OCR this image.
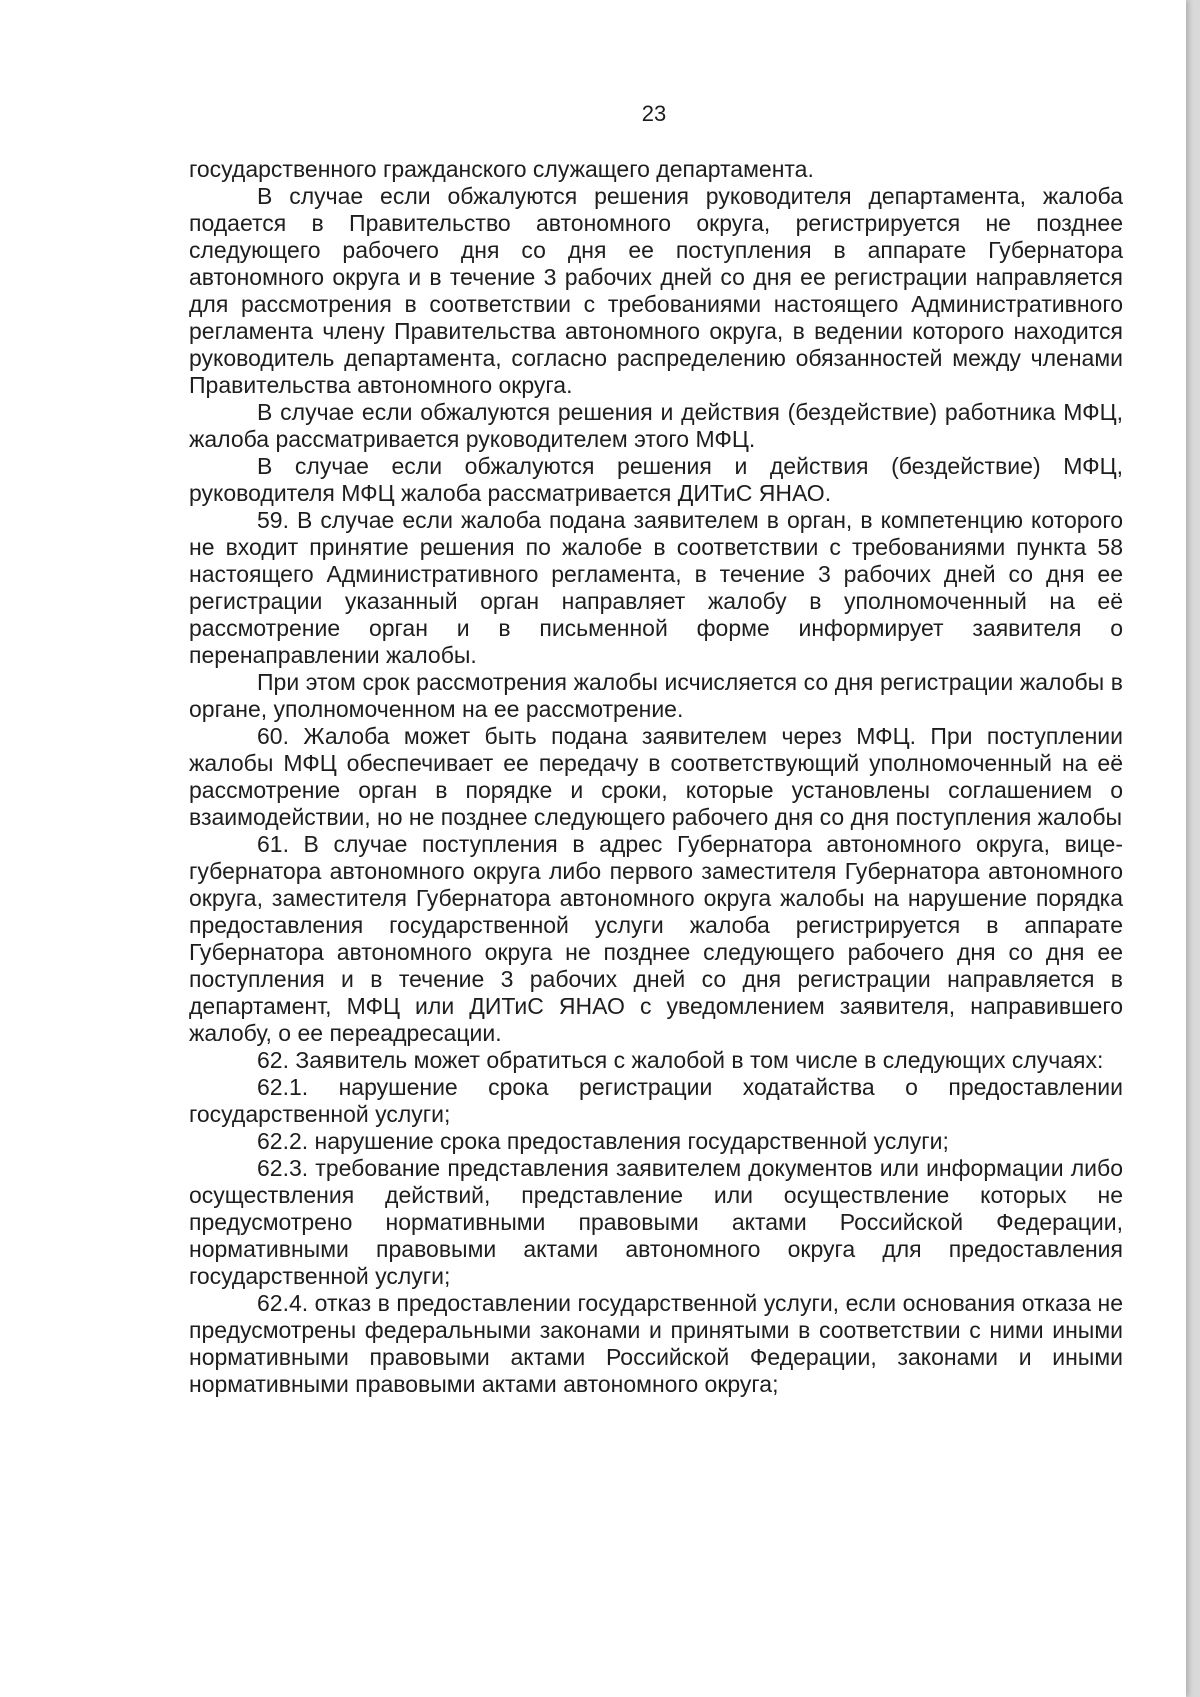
23

государственного гражданского служащего департамента.

В случае если обжалуются решения руководителя департамента, жалоба подается в Правительство автономного округа, регистрируется не позднее следующего рабочего дня со дня ее поступления в аппарате Губернатора автономного округа и в течение 3 рабочих дней со дня ее регистрации направляется для рассмотрения в соответствии с требованиями настоящего Административного регламента члену Правительства автономного округа, в ведении которого находится руководитель департамента, согласно распределению обязанностей между членами Правительства автономного округа.

В случае если обжалуются решения и действия (бездействие) работника МФЦ, жалоба рассматривается руководителем этого МФЦ.

В случае если обжалуются решения и действия (бездействие) МФЦ, руководителя МФЦ жалоба рассматривается ДИТиС ЯНАО.

59. В случае если жалоба подана заявителем в орган, в компетенцию которого не входит принятие решения по жалобе в соответствии с требованиями пункта 58 настоящего Административного регламента, в течение 3 рабочих дней со дня ее регистрации указанный орган направляет жалобу в уполномоченный на её рассмотрение орган и в письменной форме информирует заявителя о перенаправлении жалобы.

При этом срок рассмотрения жалобы исчисляется со дня регистрации жалобы в органе, уполномоченном на ее рассмотрение.

60. Жалоба может быть подана заявителем через МФЦ. При поступлении жалобы МФЦ обеспечивает ее передачу в соответствующий уполномоченный на её рассмотрение орган в порядке и сроки, которые установлены соглашением о взаимодействии, но не позднее следующего рабочего дня со дня поступления жалобы

61. В случае поступления в адрес Губернатора автономного округа, вице-губернатора автономного округа либо первого заместителя Губернатора автономного округа, заместителя Губернатора автономного округа жалобы на нарушение порядка предоставления государственной услуги жалоба регистрируется в аппарате Губернатора автономного округа не позднее следующего рабочего дня со дня ее поступления и в течение 3 рабочих дней со дня регистрации направляется в департамент, МФЦ или ДИТиС ЯНАО с уведомлением заявителя, направившего жалобу, о ее переадресации.

62. Заявитель может обратиться с жалобой в том числе в следующих случаях:

62.1. нарушение срока регистрации ходатайства о предоставлении государственной услуги;

62.2. нарушение срока предоставления государственной услуги;

62.3. требование представления заявителем документов или информации либо осуществления действий, представление или осуществление которых не предусмотрено нормативными правовыми актами Российской Федерации, нормативными правовыми актами автономного округа для предоставления государственной услуги;

62.4. отказ в предоставлении государственной услуги, если основания отказа не предусмотрены федеральными законами и принятыми в соответствии с ними иными нормативными правовыми актами Российской Федерации, законами и иными нормативными правовыми актами автономного округа;
